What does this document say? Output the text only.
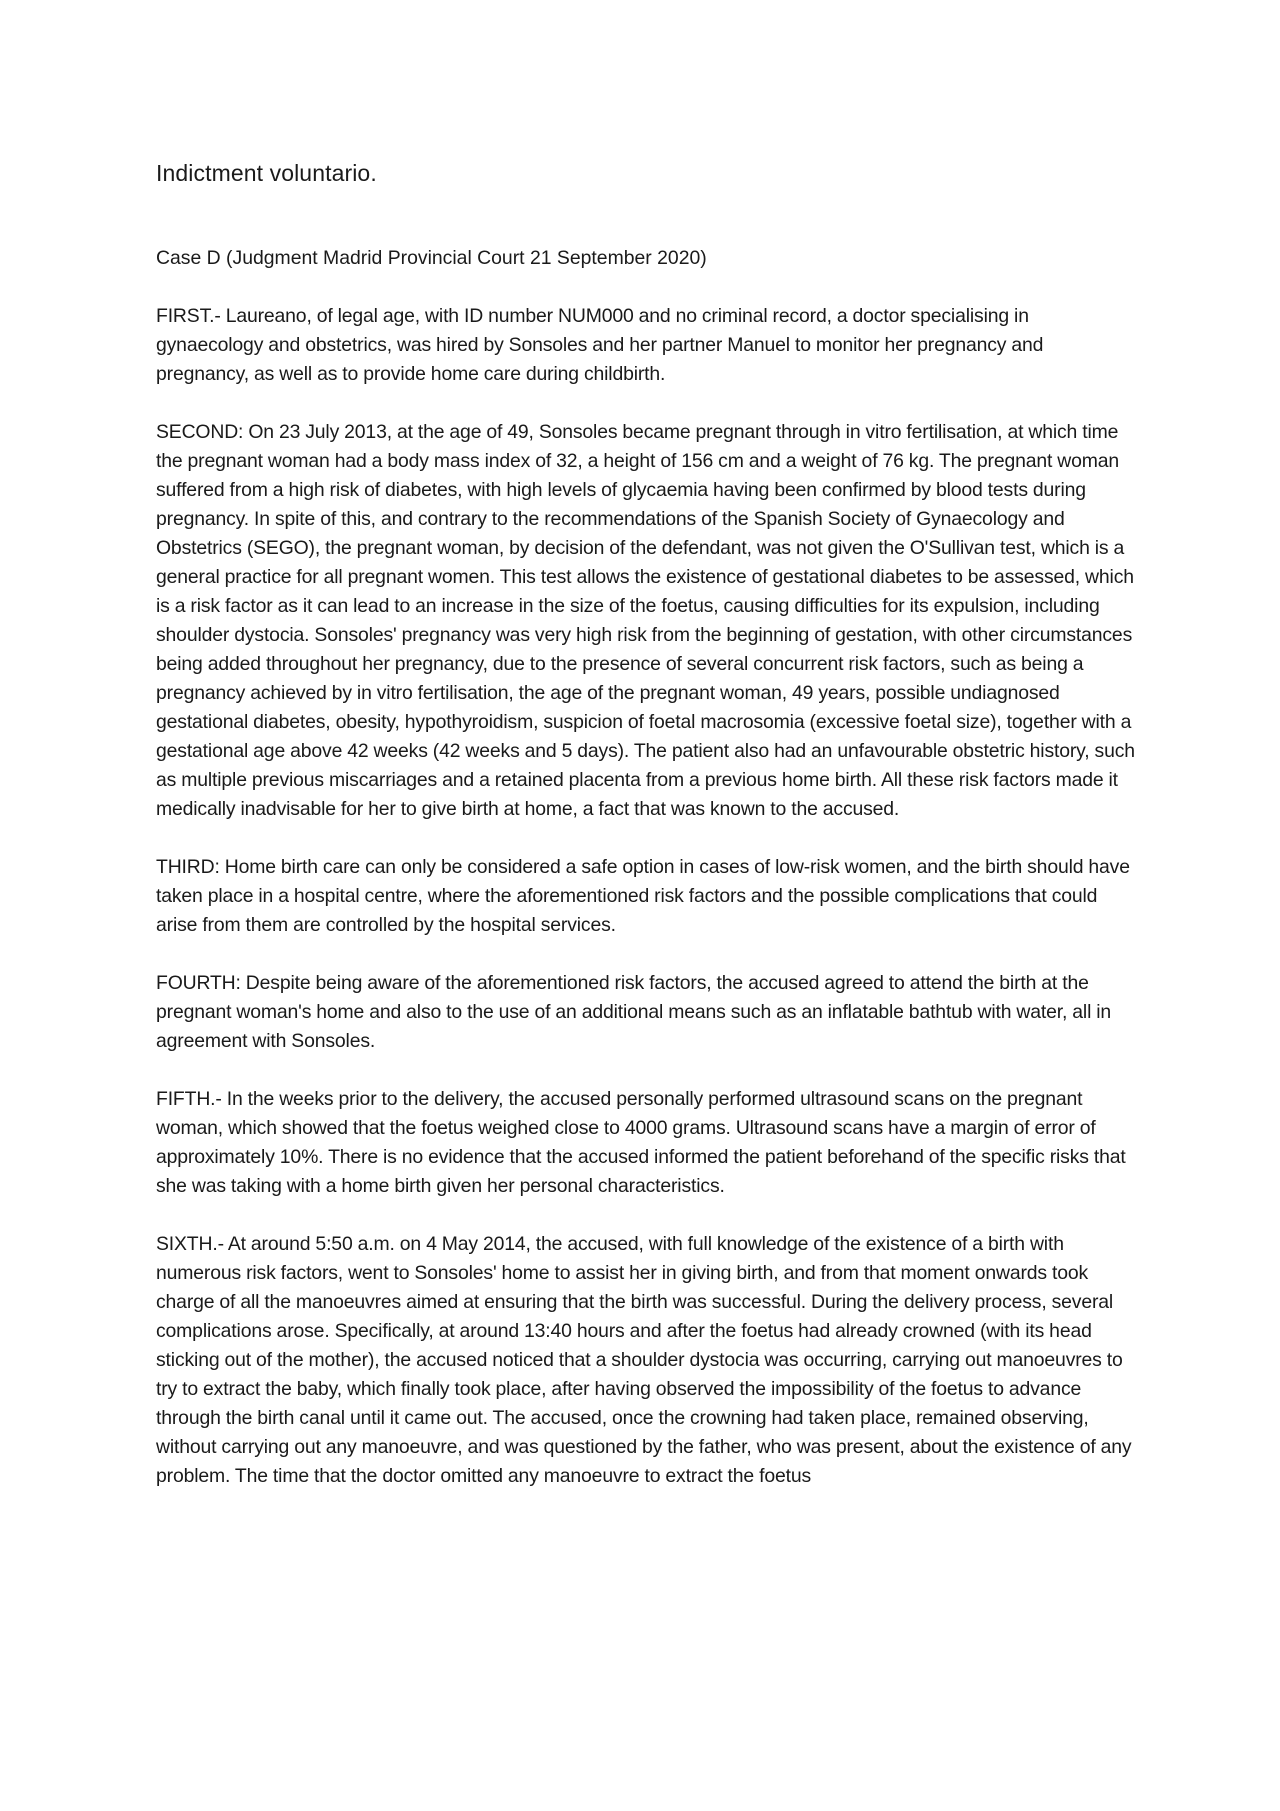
Indictment voluntario.
Case D (Judgment Madrid Provincial Court 21 September 2020)

FIRST.- Laureano, of legal age, with ID number NUM000 and no criminal record, a doctor specialising in gynaecology and obstetrics, was hired by Sonsoles and her partner Manuel to monitor her pregnancy and pregnancy, as well as to provide home care during childbirth.

SECOND: On 23 July 2013, at the age of 49, Sonsoles became pregnant through in vitro fertilisation, at which time the pregnant woman had a body mass index of 32, a height of 156 cm and a weight of 76 kg. The pregnant woman suffered from a high risk of diabetes, with high levels of glycaemia having been confirmed by blood tests during pregnancy. In spite of this, and contrary to the recommendations of the Spanish Society of Gynaecology and Obstetrics (SEGO), the pregnant woman, by decision of the defendant, was not given the O'Sullivan test, which is a general practice for all pregnant women. This test allows the existence of gestational diabetes to be assessed, which is a risk factor as it can lead to an increase in the size of the foetus, causing difficulties for its expulsion, including shoulder dystocia. Sonsoles' pregnancy was very high risk from the beginning of gestation, with other circumstances being added throughout her pregnancy, due to the presence of several concurrent risk factors, such as being a pregnancy achieved by in vitro fertilisation, the age of the pregnant woman, 49 years, possible undiagnosed gestational diabetes, obesity, hypothyroidism, suspicion of foetal macrosomia (excessive foetal size), together with a gestational age above 42 weeks (42 weeks and 5 days). The patient also had an unfavourable obstetric history, such as multiple previous miscarriages and a retained placenta from a previous home birth. All these risk factors made it medically inadvisable for her to give birth at home, a fact that was known to the accused.

THIRD: Home birth care can only be considered a safe option in cases of low-risk women, and the birth should have taken place in a hospital centre, where the aforementioned risk factors and the possible complications that could arise from them are controlled by the hospital services.

FOURTH: Despite being aware of the aforementioned risk factors, the accused agreed to attend the birth at the pregnant woman's home and also to the use of an additional means such as an inflatable bathtub with water, all in agreement with Sonsoles.

FIFTH.- In the weeks prior to the delivery, the accused personally performed ultrasound scans on the pregnant woman, which showed that the foetus weighed close to 4000 grams. Ultrasound scans have a margin of error of approximately 10%. There is no evidence that the accused informed the patient beforehand of the specific risks that she was taking with a home birth given her personal characteristics.

SIXTH.- At around 5:50 a.m. on 4 May 2014, the accused, with full knowledge of the existence of a birth with numerous risk factors, went to Sonsoles' home to assist her in giving birth, and from that moment onwards took charge of all the manoeuvres aimed at ensuring that the birth was successful. During the delivery process, several complications arose. Specifically, at around 13:40 hours and after the foetus had already crowned (with its head sticking out of the mother), the accused noticed that a shoulder dystocia was occurring, carrying out manoeuvres to try to extract the baby, which finally took place, after having observed the impossibility of the foetus to advance through the birth canal until it came out. The accused, once the crowning had taken place, remained observing, without carrying out any manoeuvre, and was questioned by the father, who was present, about the existence of any problem. The time that the doctor omitted any manoeuvre to extract the foetus
